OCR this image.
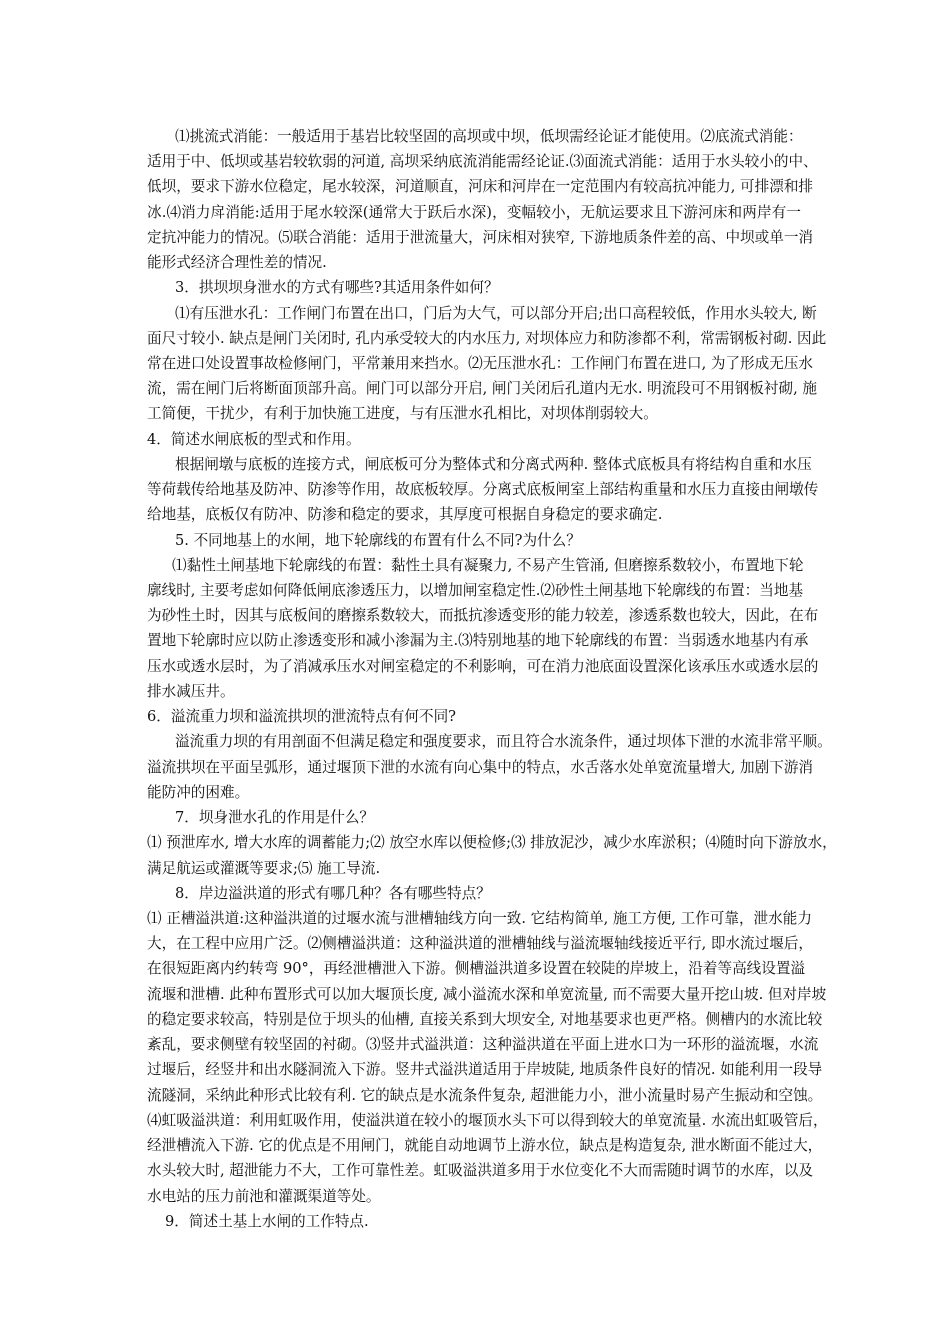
⑴挑流式消能：一般适用于基岩比较坚固的高坝或中坝，低坝需经论证才能使用。⑵底流式消能：
适用于中、低坝或基岩较软弱的河道, 高坝采纳底流消能需经论证.⑶面流式消能：适用于水头较小的中、
低坝，要求下游水位稳定，尾水较深，河道顺直，河床和河岸在一定范围内有较高抗冲能力, 可排漂和排
冰.⑷消力戽消能:适用于尾水较深(通常大于跃后水深)，变幅较小，无航运要求且下游河床和两岸有一
定抗冲能力的情况。⑸联合消能：适用于泄流量大，河床相对狭窄, 下游地质条件差的高、中坝或单一消
能形式经济合理性差的情况.
3．拱坝坝身泄水的方式有哪些?其适用条件如何？
⑴有压泄水孔：工作闸门布置在出口，门后为大气，可以部分开启;出口高程较低，作用水头较大, 断
面尺寸较小. 缺点是闸门关闭时, 孔内承受较大的内水压力, 对坝体应力和防渗都不利，常需钢板衬砌. 因此
常在进口处设置事故检修闸门，平常兼用来挡水。⑵无压泄水孔：工作闸门布置在进口, 为了形成无压水
流，需在闸门后将断面顶部升高。闸门可以部分开启, 闸门关闭后孔道内无水. 明流段可不用钢板衬砌, 施
工简便，干扰少，有利于加快施工进度，与有压泄水孔相比，对坝体削弱较大。
4．简述水闸底板的型式和作用。
根据闸墩与底板的连接方式，闸底板可分为整体式和分离式两种. 整体式底板具有将结构自重和水压
等荷载传给地基及防冲、防渗等作用，故底板较厚。分离式底板闸室上部结构重量和水压力直接由闸墩传
给地基，底板仅有防冲、防渗和稳定的要求，其厚度可根据自身稳定的要求确定.
5. 不同地基上的水闸，地下轮廓线的布置有什么不同?为什么？
⑴黏性土闸基地下轮廓线的布置：黏性土具有凝聚力, 不易产生管涌, 但磨擦系数较小，布置地下轮
廓线时, 主要考虑如何降低闸底渗透压力，以增加闸室稳定性.⑵砂性土闸基地下轮廓线的布置：当地基
为砂性土时，因其与底板间的磨擦系数较大，而抵抗渗透变形的能力较差，渗透系数也较大，因此，在布
置地下轮廓时应以防止渗透变形和减小渗漏为主.⑶特别地基的地下轮廓线的布置：当弱透水地基内有承
压水或透水层时，为了消减承压水对闸室稳定的不利影响，可在消力池底面设置深化该承压水或透水层的
排水减压井。
6．溢流重力坝和溢流拱坝的泄流特点有何不同?
溢流重力坝的有用剖面不但满足稳定和强度要求，而且符合水流条件，通过坝体下泄的水流非常平顺。
溢流拱坝在平面呈弧形，通过堰顶下泄的水流有向心集中的特点，水舌落水处单宽流量增大, 加剧下游消
能防冲的困难。
7．坝身泄水孔的作用是什么？
⑴ 预泄库水, 增大水库的调蓄能力;⑵ 放空水库以便检修;⑶ 排放泥沙，减少水库淤积；⑷随时向下游放水，
满足航运或灌溉等要求;⑸ 施工导流.
8．岸边溢洪道的形式有哪几种？各有哪些特点？
⑴ 正槽溢洪道:这种溢洪道的过堰水流与泄槽轴线方向一致. 它结构简单, 施工方便, 工作可靠，泄水能力
大，在工程中应用广泛。⑵侧槽溢洪道：这种溢洪道的泄槽轴线与溢流堰轴线接近平行, 即水流过堰后，
在很短距离内约转弯 90°，再经泄槽泄入下游。侧槽溢洪道多设置在较陡的岸坡上，沿着等高线设置溢
流堰和泄槽. 此种布置形式可以加大堰顶长度, 减小溢流水深和单宽流量, 而不需要大量开挖山坡. 但对岸坡
的稳定要求较高，特别是位于坝头的仙槽, 直接关系到大坝安全, 对地基要求也更严格。侧槽内的水流比较
紊乱，要求侧壁有较坚固的衬砌。⑶竖井式溢洪道：这种溢洪道在平面上进水口为一环形的溢流堰，水流
过堰后，经竖井和出水隧洞流入下游。竖井式溢洪道适用于岸坡陡, 地质条件良好的情况. 如能利用一段导
流隧洞，采纳此种形式比较有利. 它的缺点是水流条件复杂, 超泄能力小，泄小流量时易产生振动和空蚀。
⑷虹吸溢洪道：利用虹吸作用，使溢洪道在较小的堰顶水头下可以得到较大的单宽流量. 水流出虹吸管后，
经泄槽流入下游. 它的优点是不用闸门，就能自动地调节上游水位，缺点是构造复杂, 泄水断面不能过大，
水头较大时, 超泄能力不大，工作可靠性差。虹吸溢洪道多用于水位变化不大而需随时调节的水库，以及
水电站的压力前池和灌溉渠道等处。
9．简述土基上水闸的工作特点.
